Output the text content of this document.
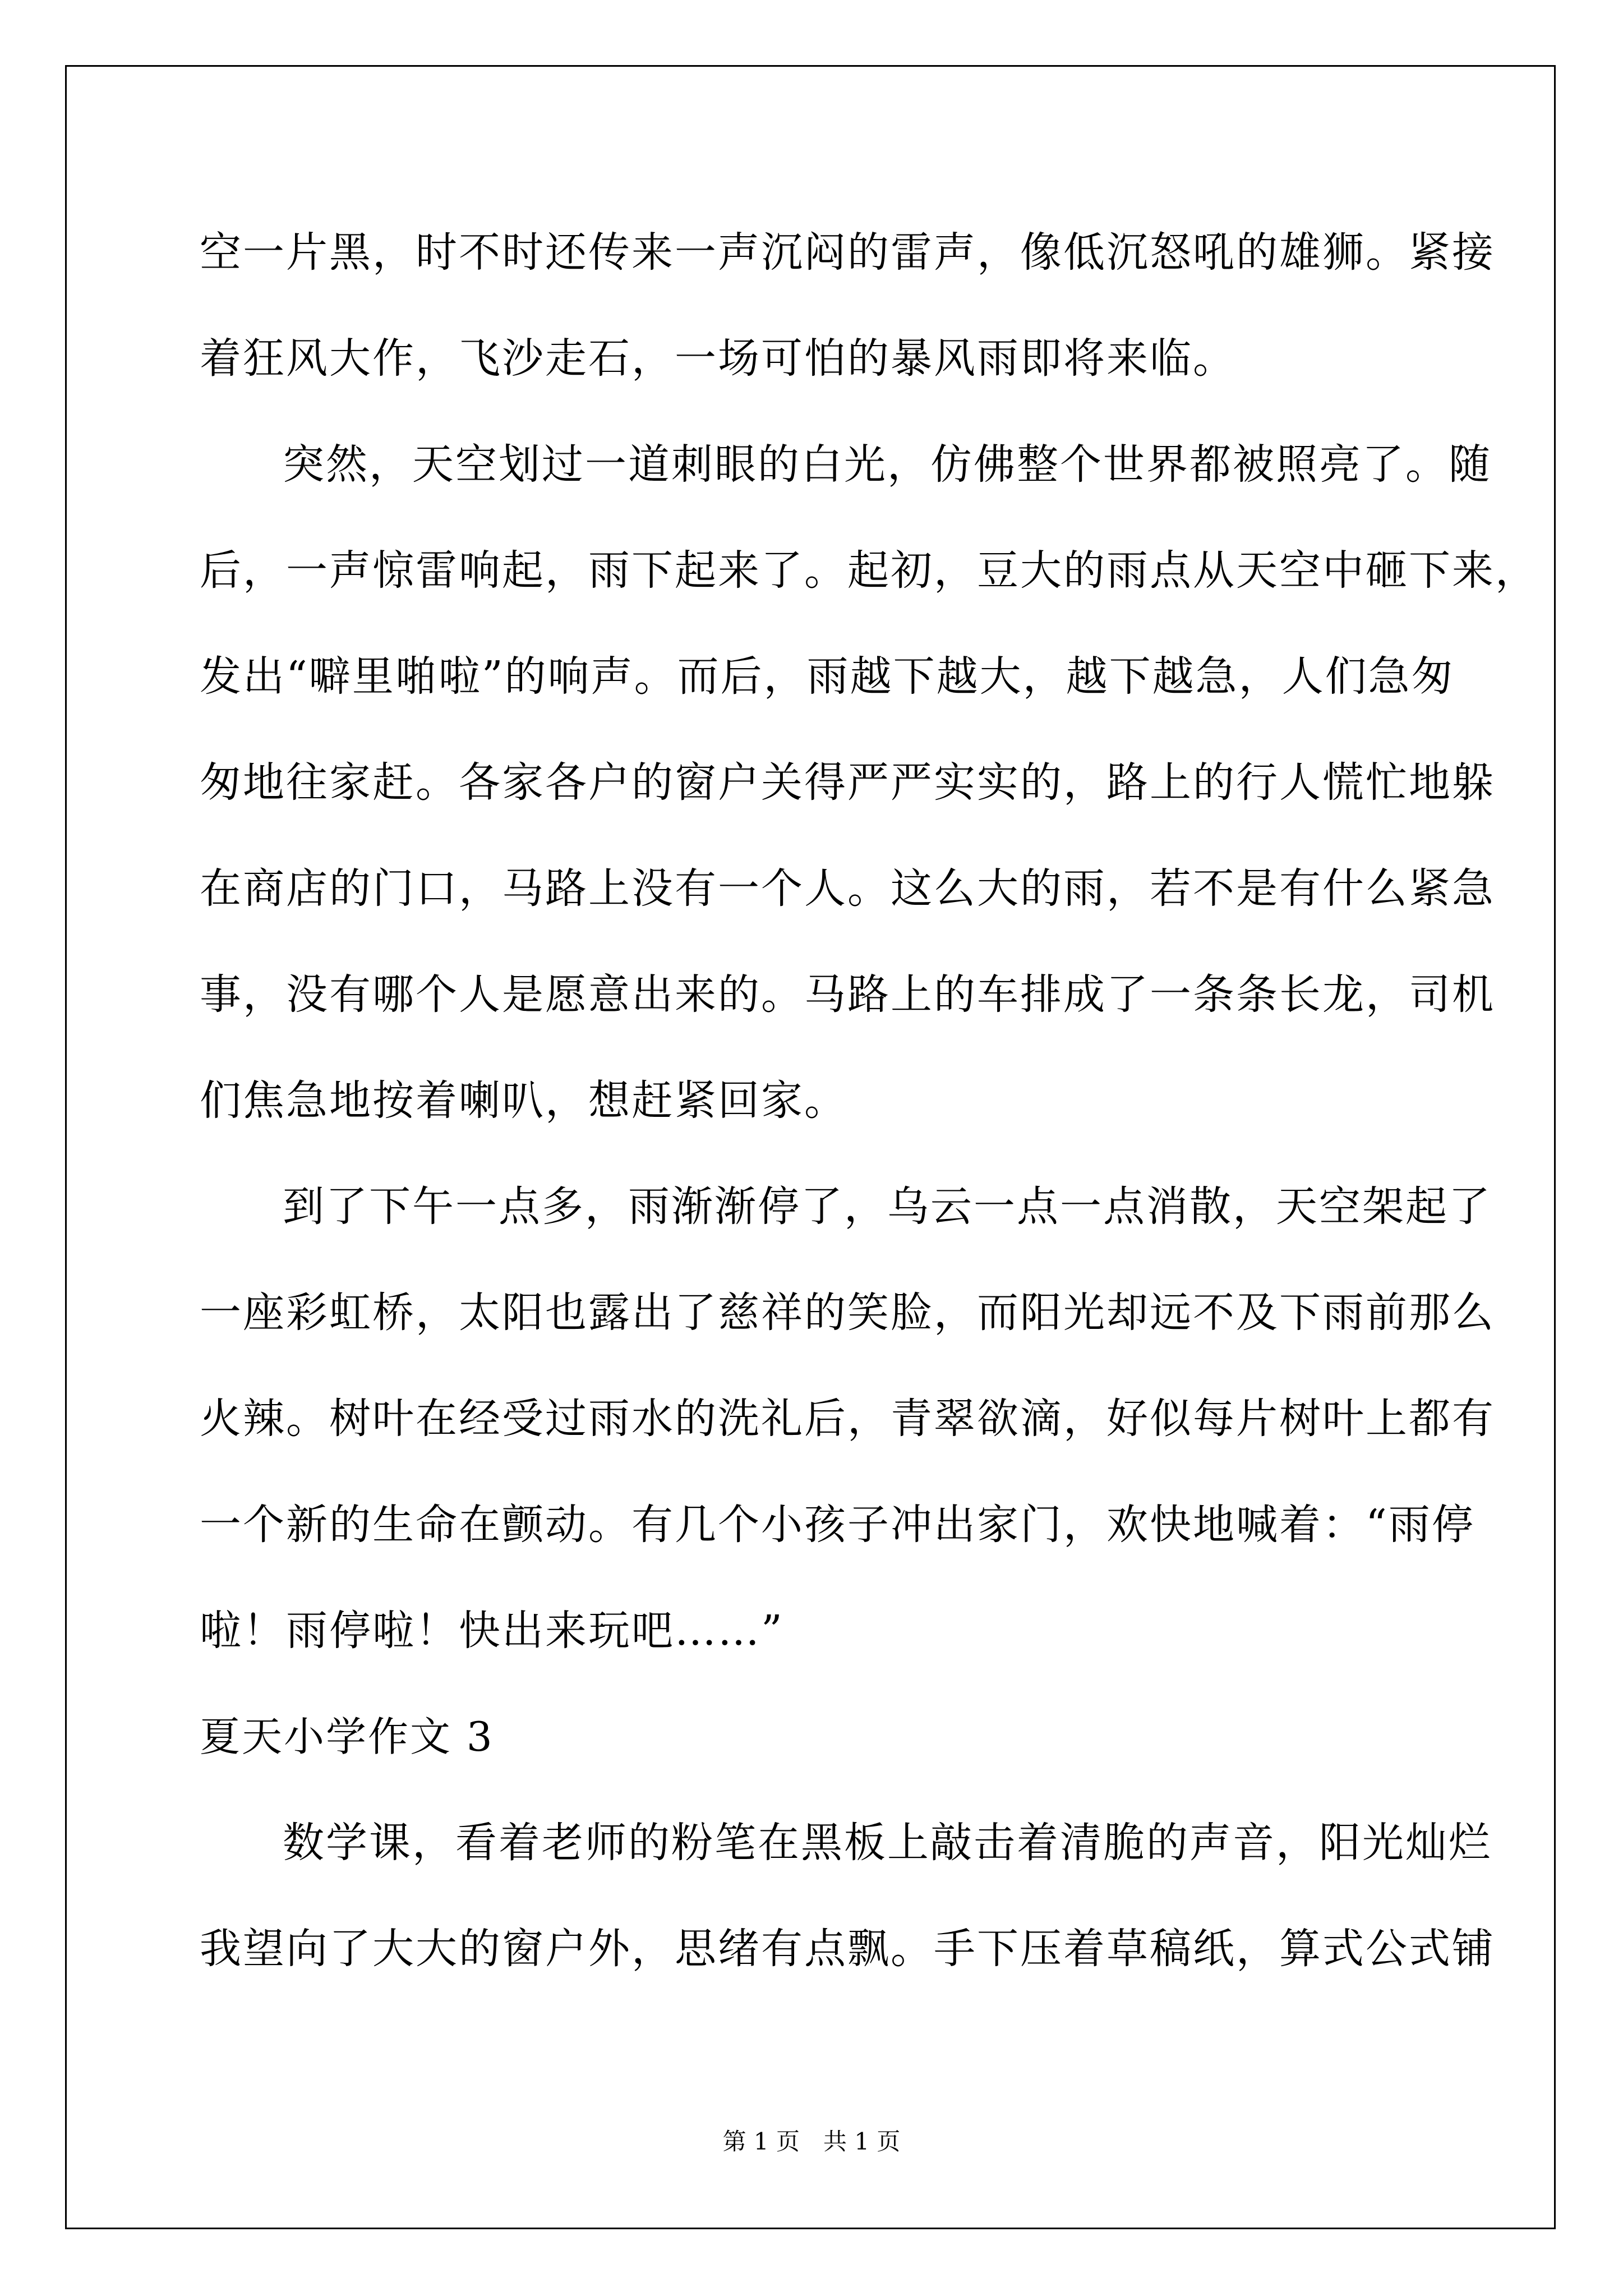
空一片黑，时不时还传来一声沉闷的雷声，像低沉怒吼的雄狮。紧接
着狂风大作，飞沙走石，一场可怕的暴风雨即将来临。
突然，天空划过一道刺眼的白光，仿佛整个世界都被照亮了。随
后，一声惊雷响起，雨下起来了。起初，豆大的雨点从天空中砸下来，
发出“噼里啪啦”的响声。而后，雨越下越大，越下越急，人们急匆
匆地往家赶。各家各户的窗户关得严严实实的，路上的行人慌忙地躲
在商店的门口，马路上没有一个人。这么大的雨，若不是有什么紧急
事，没有哪个人是愿意出来的。马路上的车排成了一条条长龙，司机
们焦急地按着喇叭，想赶紧回家。
到了下午一点多，雨渐渐停了，乌云一点一点消散，天空架起了
一座彩虹桥，太阳也露出了慈祥的笑脸，而阳光却远不及下雨前那么
火辣。树叶在经受过雨水的洗礼后，青翠欲滴，好似每片树叶上都有
一个新的生命在颤动。有几个小孩子冲出家门，欢快地喊着：“雨停
啦！雨停啦！快出来玩吧……”
夏天小学作文 3
数学课，看着老师的粉笔在黑板上敲击着清脆的声音，阳光灿烂
我望向了大大的窗户外，思绪有点飘。手下压着草稿纸，算式公式铺
第 1 页　共 1 页
